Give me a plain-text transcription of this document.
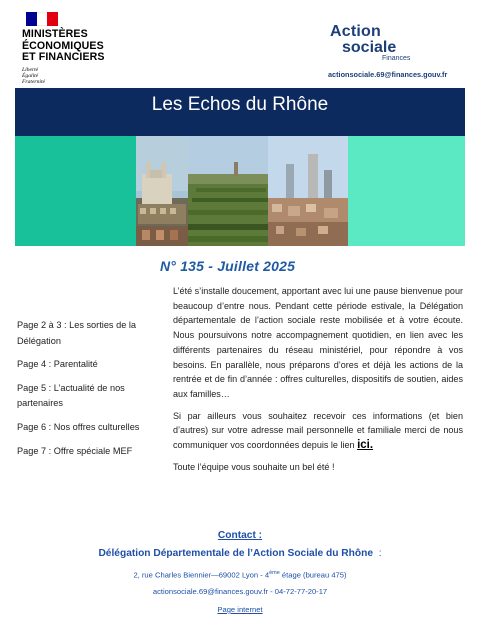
MINISTÈRES
ÉCONOMIQUES
ET FINANCIERS
Liberté
Égalité
Fraternité
Action
sociale
Finances
actionsociale.69@finances.gouv.fr
Les Echos du Rhône
N° 135 - Juillet 2025
Page 2 à 3 : Les sorties de la Délégation
Page 4 : Parentalité
Page 5 : L’actualité de nos partenaires
Page 6 : Nos offres culturelles
Page 7 : Offre spéciale MEF

L’été s’installe doucement, apportant avec lui une pause bienvenue pour beaucoup d’entre nous. Pendant cette période estivale, la Délégation départementale de l’action sociale reste mobilisée et à votre écoute. Nous poursuivons notre accompagnement quotidien, en lien avec les différents partenaires du réseau ministériel, pour répondre à vos besoins. En parallèle, nous préparons d’ores et déjà les actions de la rentrée et de fin d’année : offres culturelles, dispositifs de soutien, aides aux familles…

Si par ailleurs vous souhaitez recevoir ces informations (et bien d’autres) sur votre adresse mail personnelle et familiale merci de nous communiquer vos coordonnées depuis le lien ici.

Toute l’équipe vous souhaite un bel été !

Contact :
Délégation Départementale de l’Action Sociale du Rhône :
2, rue Charles Biennier—69002 Lyon - 4ème étage (bureau 475)
actionsociale.69@finances.gouv.fr - 04-72-77-20-17
Page internet
